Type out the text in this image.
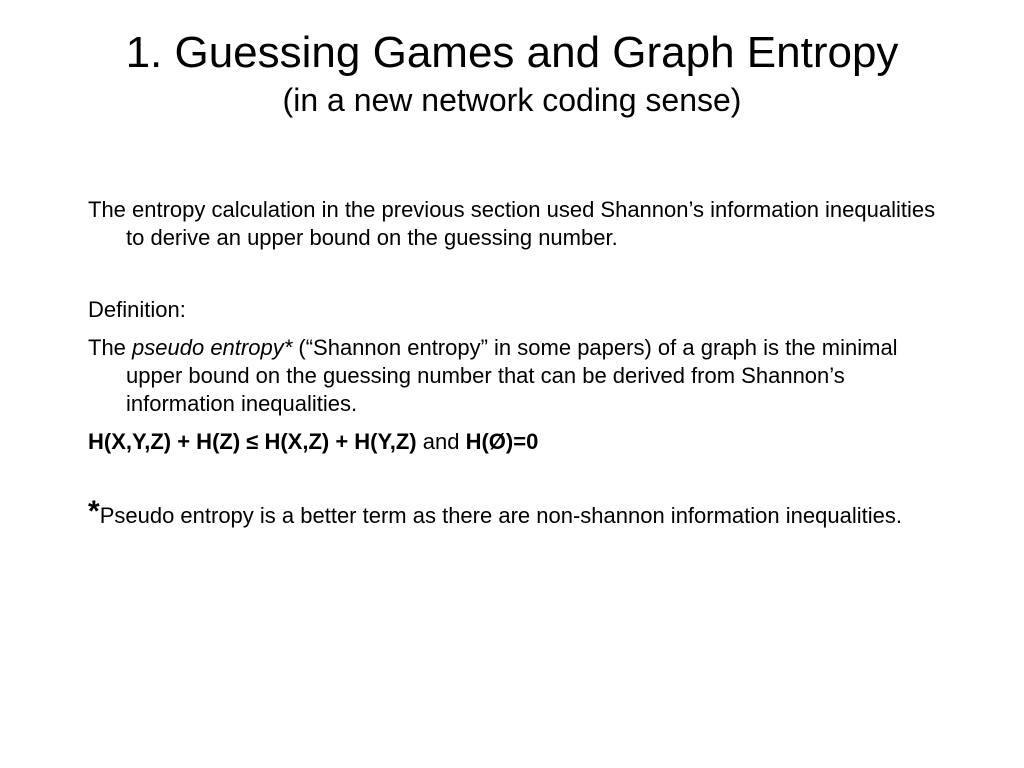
1. Guessing Games and Graph Entropy
(in a new network coding sense)

The entropy calculation in the previous section used Shannon’s information inequalities to derive an upper bound on the guessing number.

Definition:

The pseudo entropy* (“Shannon entropy” in some papers) of a graph is the minimal upper bound on the guessing number that can be derived from Shannon’s information inequalities.

H(X,Y,Z) + H(Z) ≤ H(X,Z) + H(Y,Z) and H(Ø)=0

*Pseudo entropy is a better term as there are non-shannon information inequalities.
